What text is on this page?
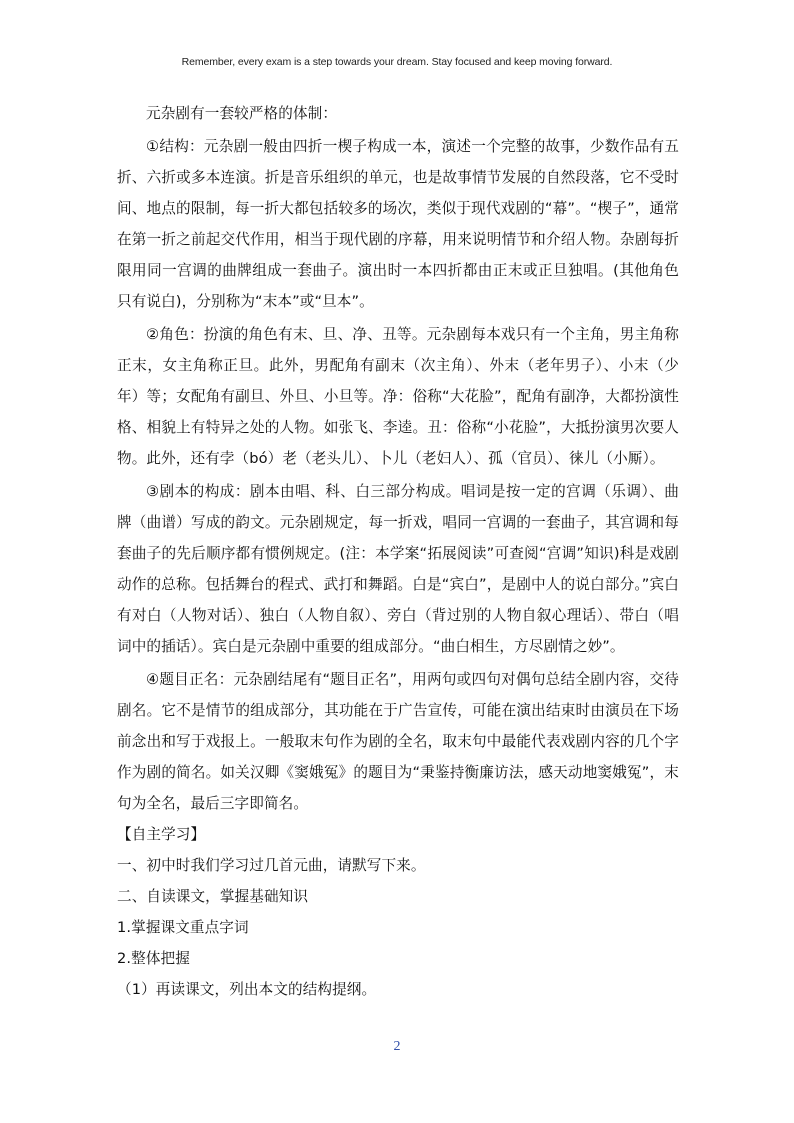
Remember, every exam is a step towards your dream. Stay focused and keep moving forward.

元杂剧有一套较严格的体制：

①结构：元杂剧一般由四折一楔子构成一本，演述一个完整的故事，少数作品有五折、六折或多本连演。折是音乐组织的单元，也是故事情节发展的自然段落，它不受时间、地点的限制，每一折大都包括较多的场次，类似于现代戏剧的“幕”。“楔子”，通常在第一折之前起交代作用，相当于现代剧的序幕，用来说明情节和介绍人物。杂剧每折限用同一宫调的曲牌组成一套曲子。演出时一本四折都由正末或正旦独唱。(其他角色只有说白)，分别称为“末本”或“旦本”。

②角色：扮演的角色有末、旦、净、丑等。元杂剧每本戏只有一个主角，男主角称正末，女主角称正旦。此外，男配角有副末（次主角）、外末（老年男子）、小末（少年）等；女配角有副旦、外旦、小旦等。净：俗称“大花脸”，配角有副净，大都扮演性格、相貌上有特异之处的人物。如张飞、李逵。丑：俗称“小花脸”，大抵扮演男次要人物。此外，还有孛（bó）老（老头儿）、卜儿（老妇人）、孤（官员）、徕儿（小厮）。

③剧本的构成：剧本由唱、科、白三部分构成。唱词是按一定的宫调（乐调）、曲牌（曲谱）写成的韵文。元杂剧规定，每一折戏，唱同一宫调的一套曲子，其宫调和每套曲子的先后顺序都有惯例规定。(注：本学案“拓展阅读”可查阅“宫调”知识)科是戏剧动作的总称。包括舞台的程式、武打和舞蹈。白是“宾白”，是剧中人的说白部分。”宾白有对白（人物对话）、独白（人物自叙）、旁白（背过别的人物自叙心理话）、带白（唱词中的插话）。宾白是元杂剧中重要的组成部分。“曲白相生，方尽剧情之妙”。

④题目正名：元杂剧结尾有“题目正名”，用两句或四句对偶句总结全剧内容，交待剧名。它不是情节的组成部分，其功能在于广告宣传，可能在演出结束时由演员在下场前念出和写于戏报上。一般取末句作为剧的全名，取末句中最能代表戏剧内容的几个字作为剧的简名。如关汉卿《窦娥冤》的题目为“秉鉴持衡廉访法，感天动地窦娥冤”，末句为全名，最后三字即简名。

【自主学习】

一、初中时我们学习过几首元曲，请默写下来。

二、自读课文，掌握基础知识

1.掌握课文重点字词

2.整体把握

（1）再读课文，列出本文的结构提纲。

2
